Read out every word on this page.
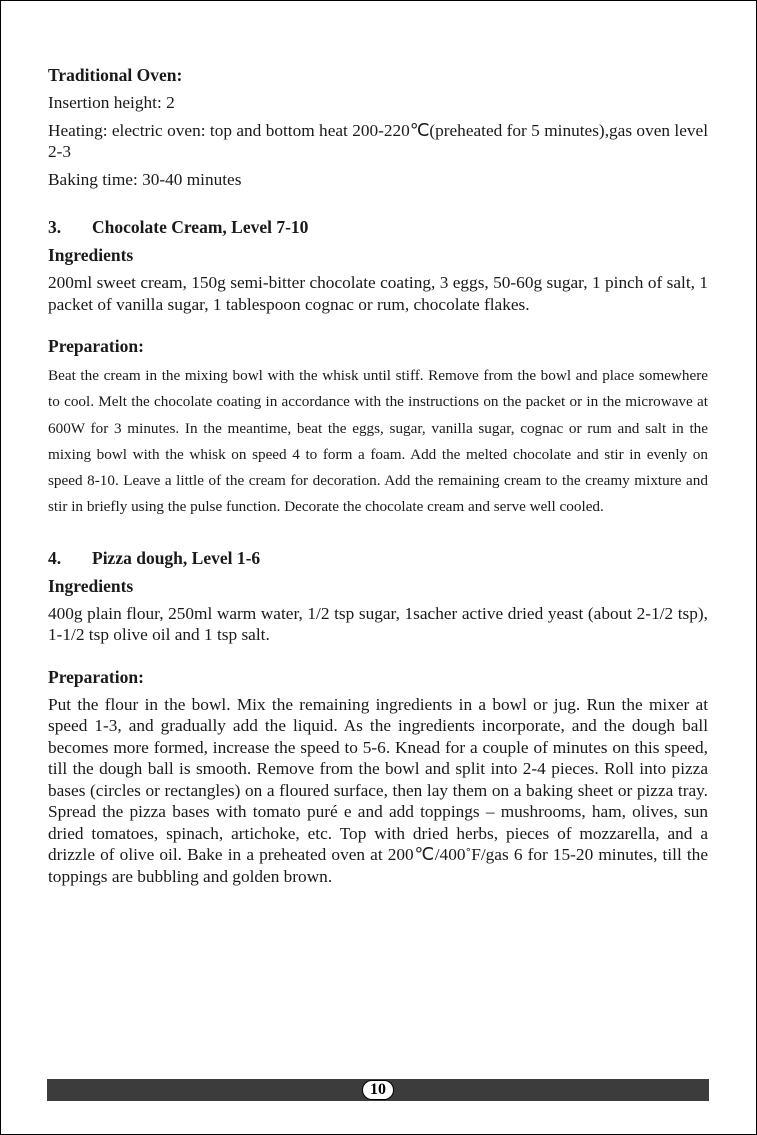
Traditional Oven:

Insertion height: 2

Heating: electric oven: top and bottom heat 200-220℃(preheated for 5 minutes),gas oven level 2-3

Baking time: 30-40 minutes

3.	Chocolate Cream, Level 7-10

Ingredients

200ml sweet cream, 150g semi-bitter chocolate coating, 3 eggs, 50-60g sugar, 1 pinch of salt, 1 packet of vanilla sugar, 1 tablespoon cognac or rum, chocolate flakes.

Preparation:

Beat the cream in the mixing bowl with the whisk until stiff. Remove from the bowl and place somewhere to cool. Melt the chocolate coating in accordance with the instructions on the packet or in the microwave at 600W for 3 minutes. In the meantime, beat the eggs, sugar, vanilla sugar, cognac or rum and salt in the mixing bowl with the whisk on speed 4 to form a foam. Add the melted chocolate and stir in evenly on speed 8-10. Leave a little of the cream for decoration. Add the remaining cream to the creamy mixture and stir in briefly using the pulse function. Decorate the chocolate cream and serve well cooled.

4.	Pizza dough, Level 1-6

Ingredients

400g plain flour, 250ml warm water, 1/2 tsp sugar, 1sacher active dried yeast (about 2-1/2 tsp), 1-1/2 tsp olive oil and 1 tsp salt.

Preparation:

Put the flour in the bowl. Mix the remaining ingredients in a bowl or jug. Run the mixer at speed 1-3, and gradually add the liquid. As the ingredients incorporate, and the dough ball becomes more formed, increase the speed to 5-6. Knead for a couple of minutes on this speed, till the dough ball is smooth. Remove from the bowl and split into 2-4 pieces. Roll into pizza bases (circles or rectangles) on a floured surface, then lay them on a baking sheet or pizza tray. Spread the pizza bases with tomato puré e and add toppings – mushrooms, ham, olives, sun dried tomatoes, spinach, artichoke, etc. Top with dried herbs, pieces of mozzarella, and a drizzle of olive oil. Bake in a preheated oven at 200℃/400˚F/gas 6 for 15-20 minutes, till the toppings are bubbling and golden brown.

10
